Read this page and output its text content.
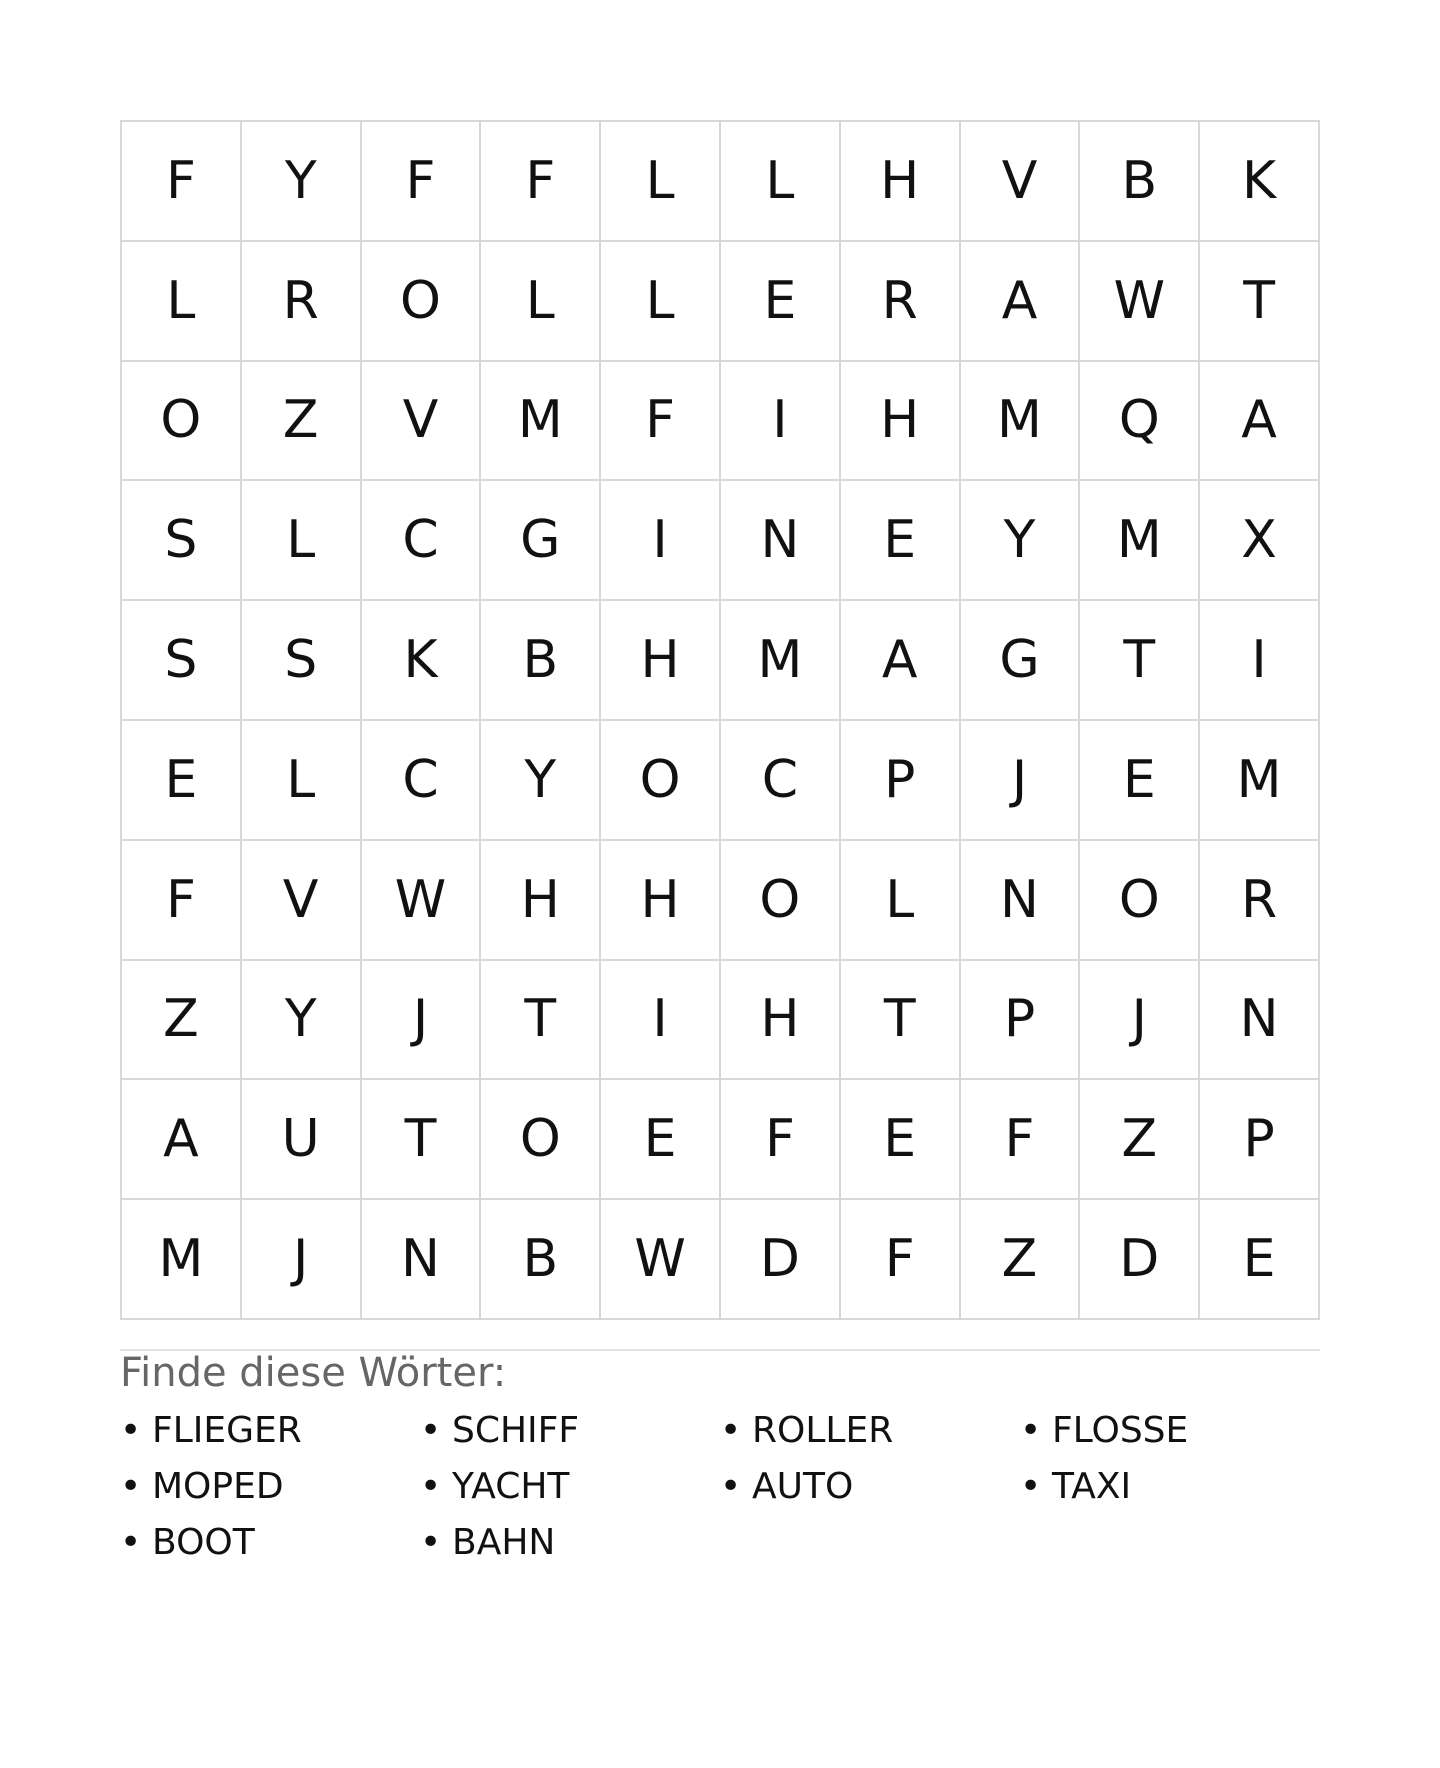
F	Y	F	F	L	L	H	V	B	K
L	R	O	L	L	E	R	A	W	T
O	Z	V	M	F	I	H	M	Q	A
S	L	C	G	I	N	E	Y	M	X
S	S	K	B	H	M	A	G	T	I
E	L	C	Y	O	C	P	J	E	M
F	V	W	H	H	O	L	N	O	R
Z	Y	J	T	I	H	T	P	J	N
A	U	T	O	E	F	E	F	Z	P
M	J	N	B	W	D	F	Z	D	E
Finde diese Wörter:
• FLIEGER	• SCHIFF	• ROLLER	• FLOSSE
• MOPED	• YACHT	• AUTO	• TAXI
• BOOT	• BAHN
